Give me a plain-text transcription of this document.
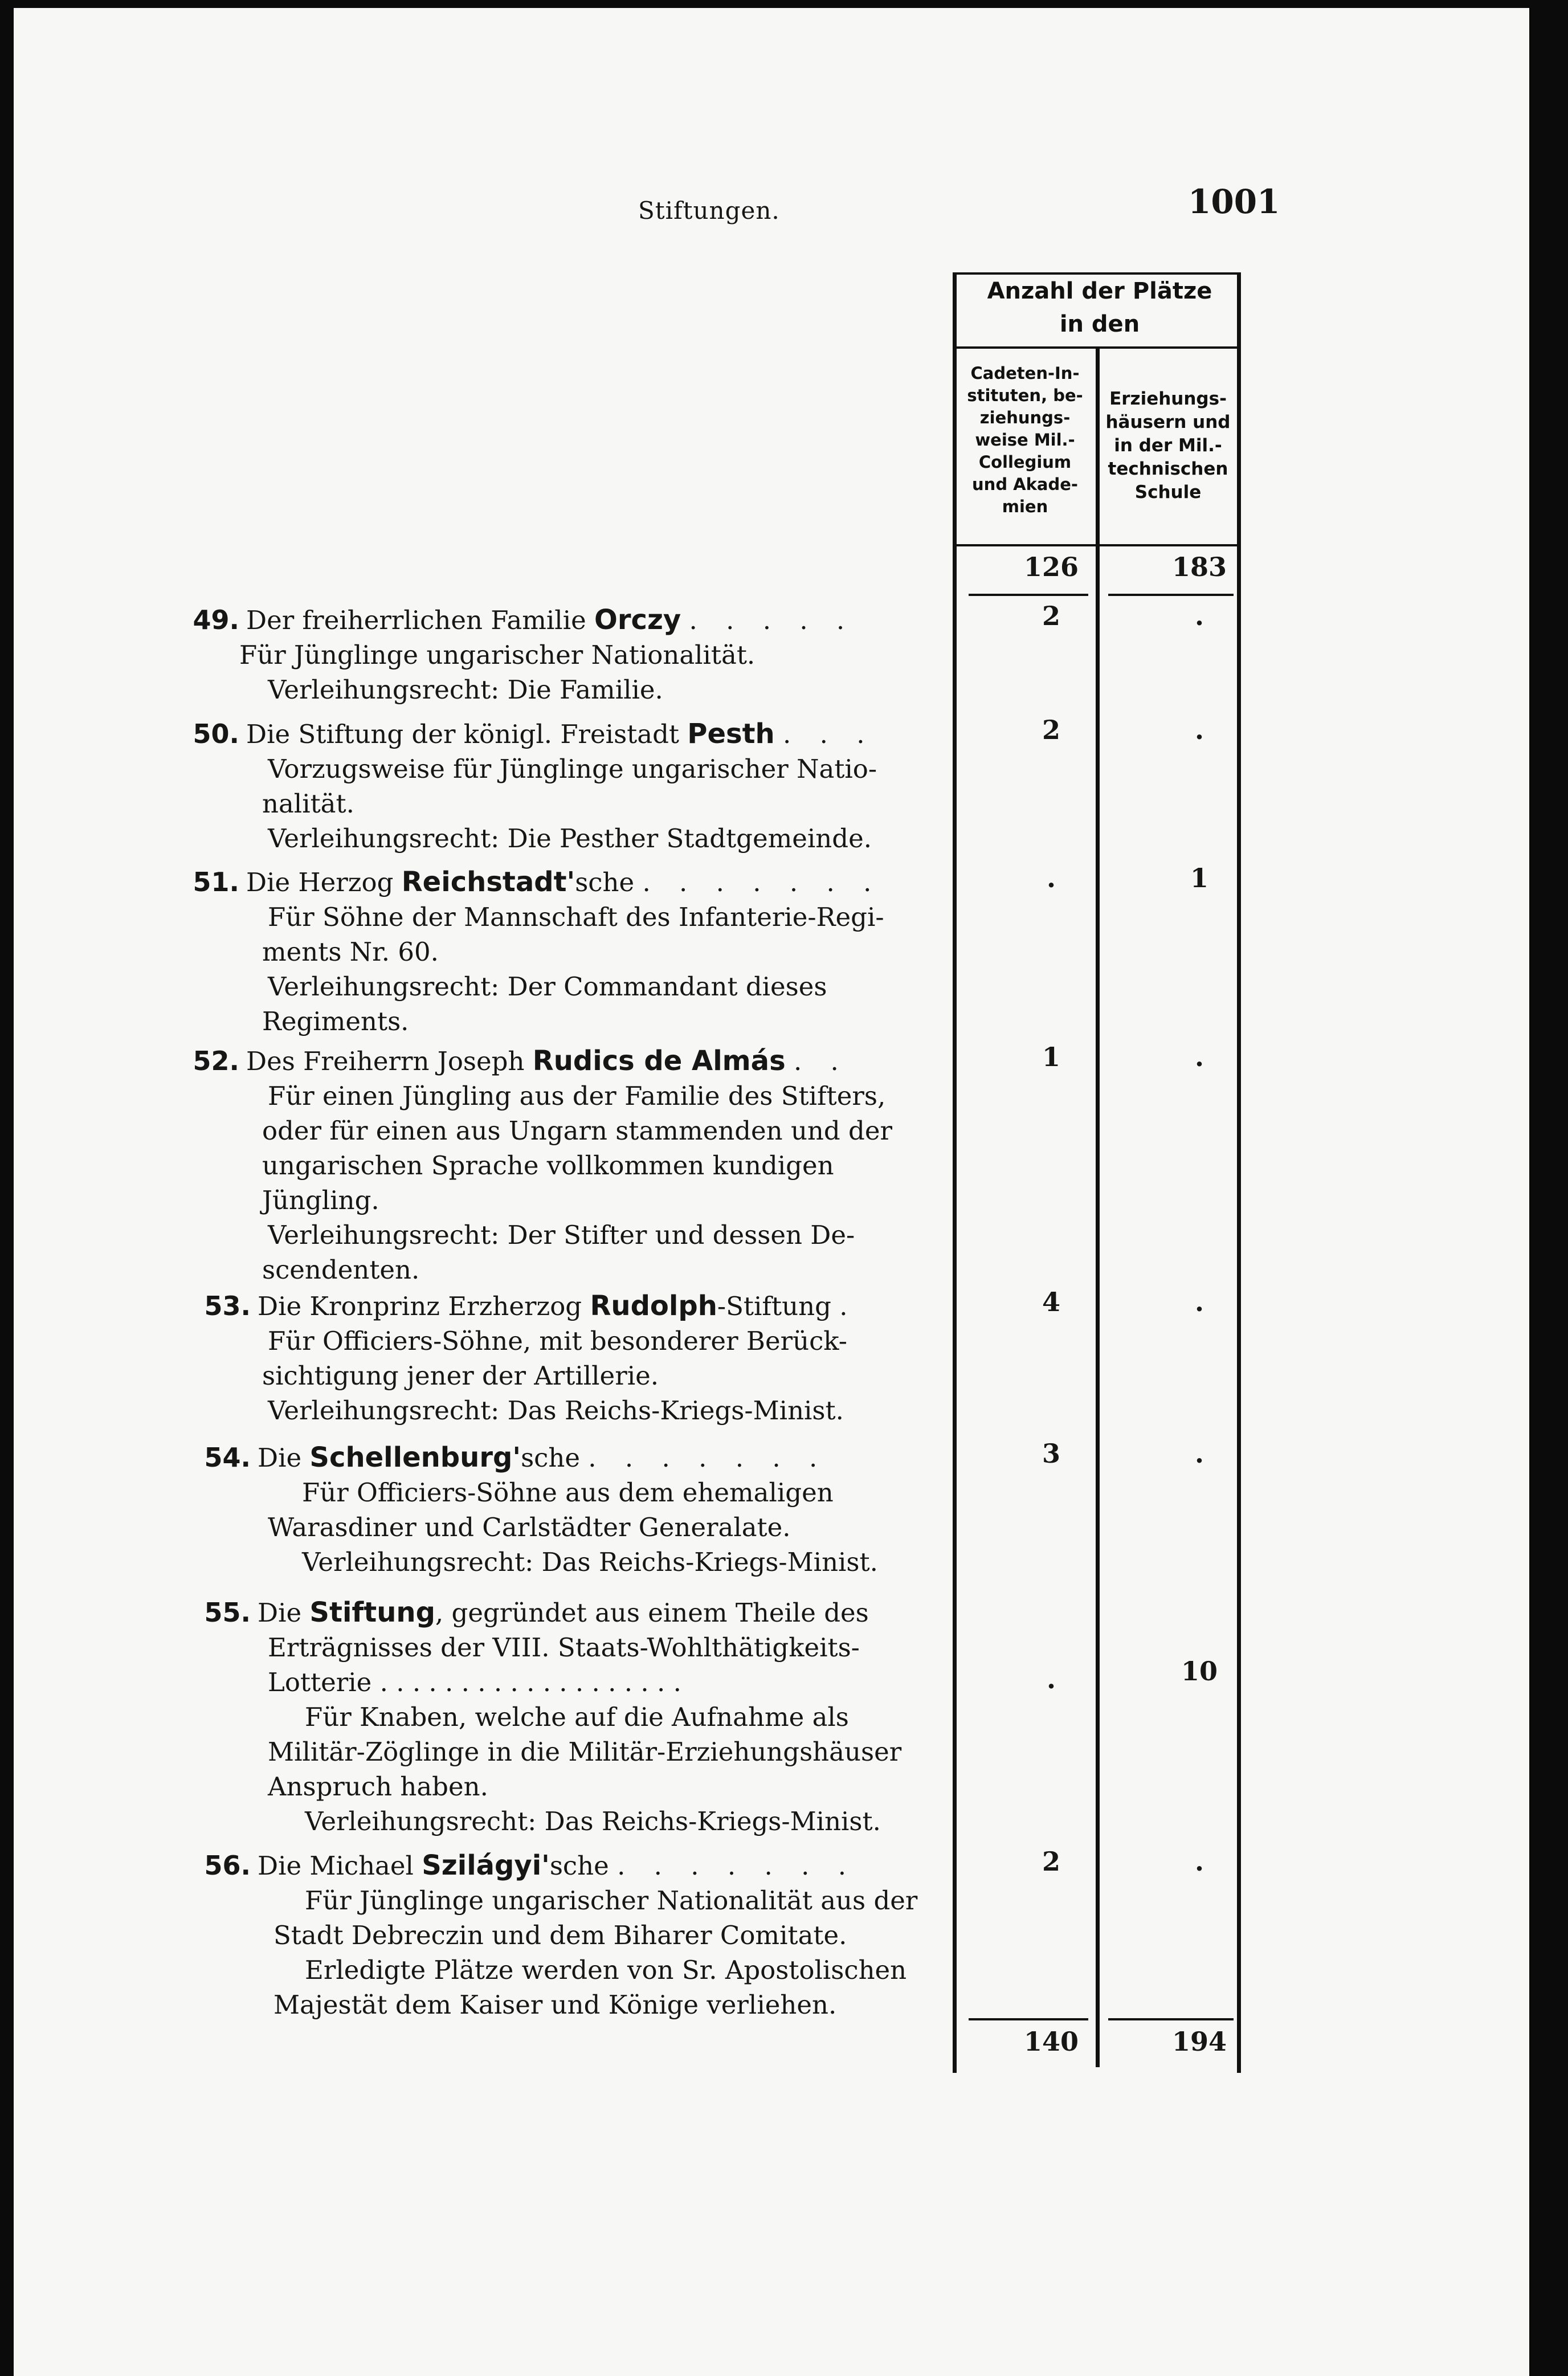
Stiftungen.	1001
Anzahl der Plätze
in den
Cadeten-In-
stituten, be-
ziehungs-
weise Mil.-
Collegium
und Akade-
mien
Erziehungs-
häusern und
in der Mil.-
technischen
Schule
126	183
49. Der freiherrlichen Familie Orczy . . . . .
Für Jünglinge ungarischer Nationalität.
Verleihungsrecht: Die Familie.
2	.
50. Die Stiftung der königl. Freistadt Pesth . . .
Vorzugsweise für Jünglinge ungarischer Natio-
nalität.
Verleihungsrecht: Die Pesther Stadtgemeinde.
2	.
51. Die Herzog Reichstadt'sche . . . . . . .
Für Söhne der Mannschaft des Infanterie-Regi-
ments Nr. 60.
Verleihungsrecht: Der Commandant dieses
Regiments.
.	1
52. Des Freiherrn Joseph Rudics de Almás . .
Für einen Jüngling aus der Familie des Stifters,
oder für einen aus Ungarn stammenden und der
ungarischen Sprache vollkommen kundigen
Jüngling.
Verleihungsrecht: Der Stifter und dessen De-
scendenten.
1	.
53. Die Kronprinz Erzherzog Rudolph-Stiftung .
Für Officiers-Söhne, mit besonderer Berück-
sichtigung jener der Artillerie.
Verleihungsrecht: Das Reichs-Kriegs-Minist.
4	.
54. Die Schellenburg'sche . . . . . . .
Für Officiers-Söhne aus dem ehemaligen
Warasdiner und Carlstädter Generalate.
Verleihungsrecht: Das Reichs-Kriegs-Minist.
3	.
55. Die Stiftung, gegründet aus einem Theile des
Erträgnisses der VIII. Staats-Wohlthätigkeits-
Lotterie . . . . . . . . . . . . . . . . . . .
Für Knaben, welche auf die Aufnahme als
Militär-Zöglinge in die Militär-Erziehungshäuser
Anspruch haben.
Verleihungsrecht: Das Reichs-Kriegs-Minist.
.	10
56. Die Michael Szilágyi'sche . . . . . . .
Für Jünglinge ungarischer Nationalität aus der
Stadt Debreczin und dem Biharer Comitate.
Erledigte Plätze werden von Sr. Apostolischen
Majestät dem Kaiser und Könige verliehen.
2	.
140	194
